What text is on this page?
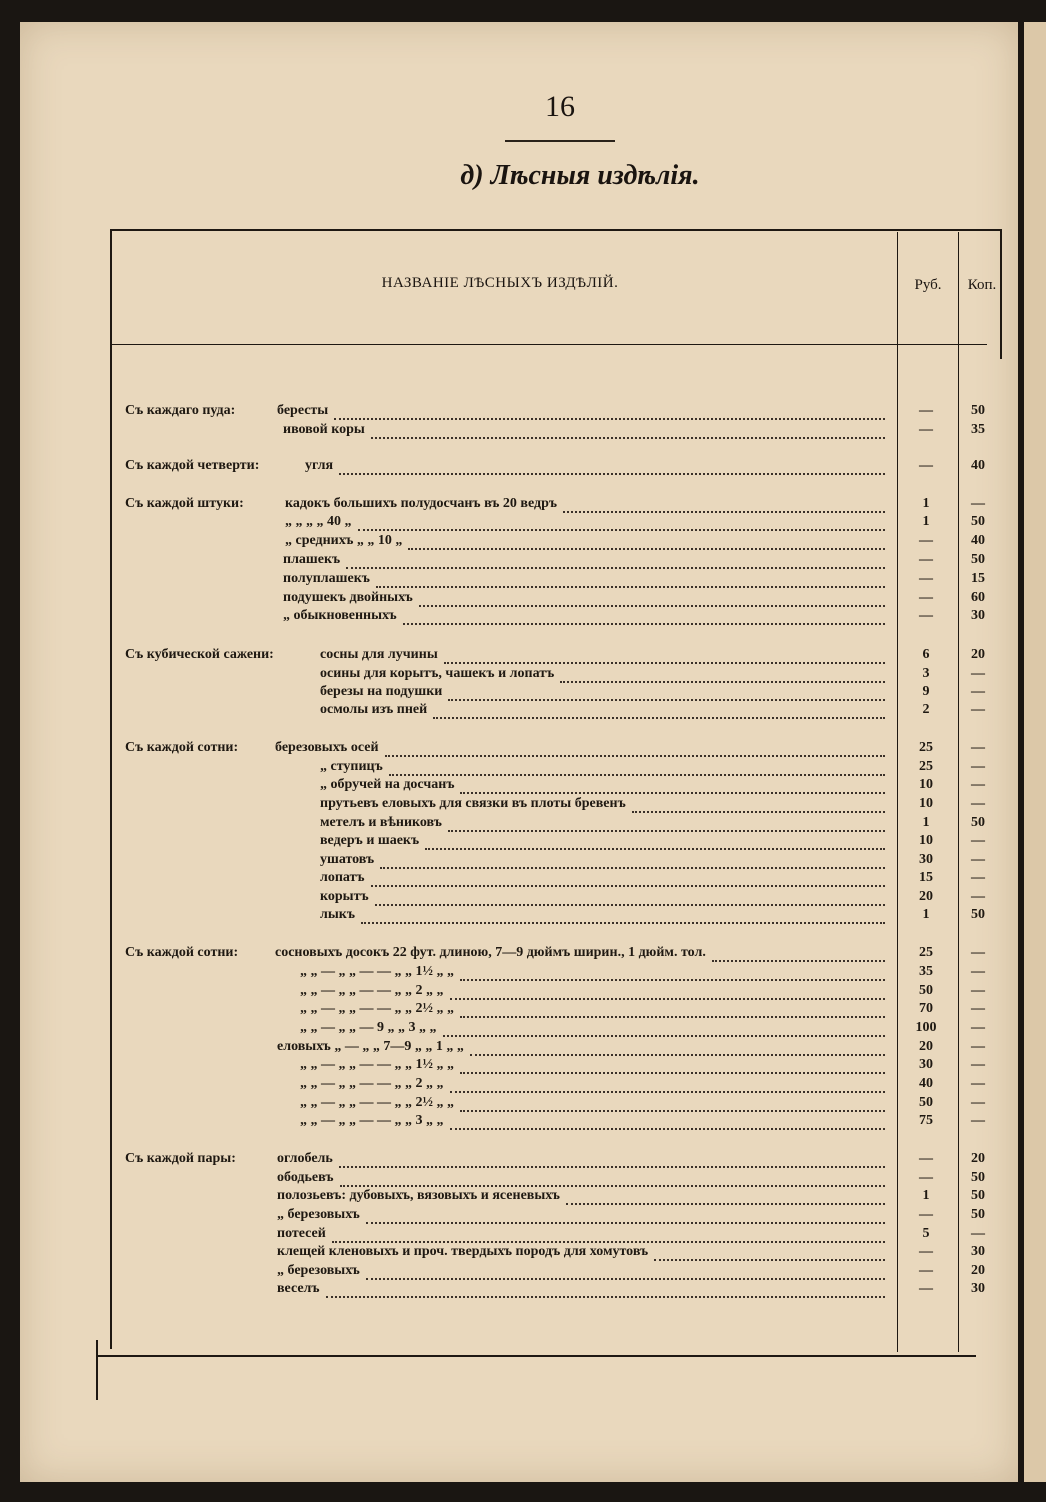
16
д) Лѣсныя издѣлія.
НАЗВАНІЕ ЛѢСНЫХЪ ИЗДѢЛІЙ.	Руб.	Коп.
Съ каждаго пуда:	бересты	—	50
ивовой коры	—	35
Съ каждой четверти:	угля	—	40
Съ каждой штуки:	кадокъ большихъ полудосчанъ въ 20 ведръ	1	—
„ „ „ „ 40 „	1	50
„ среднихъ „ „ 10 „	—	40
плашекъ	—	50
полуплашекъ	—	15
подушекъ двойныхъ	—	60
„ обыкновенныхъ	—	30
Съ кубической сажени:	сосны для лучины	6	20
осины для корытъ, чашекъ и лопатъ	3	—
березы на подушки	9	—
осмолы изъ пней	2	—
Съ каждой сотни:	березовыхъ осей	25	—
„ ступицъ	25	—
„ обручей на досчанъ	10	—
прутьевъ еловыхъ для связки въ плоты бревенъ	10	—
метелъ и вѣниковъ	1	50
ведеръ и шаекъ	10	—
ушатовъ	30	—
лопатъ	15	—
корытъ	20	—
лыкъ	1	50
Съ каждой сотни:	сосновыхъ досокъ 22 фут. длиною, 7—9 дюймъ ширин., 1 дюйм. тол.	25	—
„ „ — „ „ — — „ „ 1½ „ „	35	—
„ „ — „ „ — — „ „ 2 „ „	50	—
„ „ — „ „ — — „ „ 2½ „ „	70	—
„ „ — „ „ — 9 „ „ 3 „ „	100	—
еловыхъ „ — „ „ 7—9 „ „ 1 „ „	20	—
„ „ — „ „ — — „ „ 1½ „ „	30	—
„ „ — „ „ — — „ „ 2 „ „	40	—
„ „ — „ „ — — „ „ 2½ „ „	50	—
„ „ — „ „ — — „ „ 3 „ „	75	—
Съ каждой пары:	оглобель	—	20
ободьевъ	—	50
полозьевъ: дубовыхъ, вязовыхъ и ясеневыхъ	1	50
„ березовыхъ	—	50
потесей	5	—
клещей кленовыхъ и проч. твердыхъ породъ для хомутовъ	—	30
„ березовыхъ	—	20
веселъ	—	30
